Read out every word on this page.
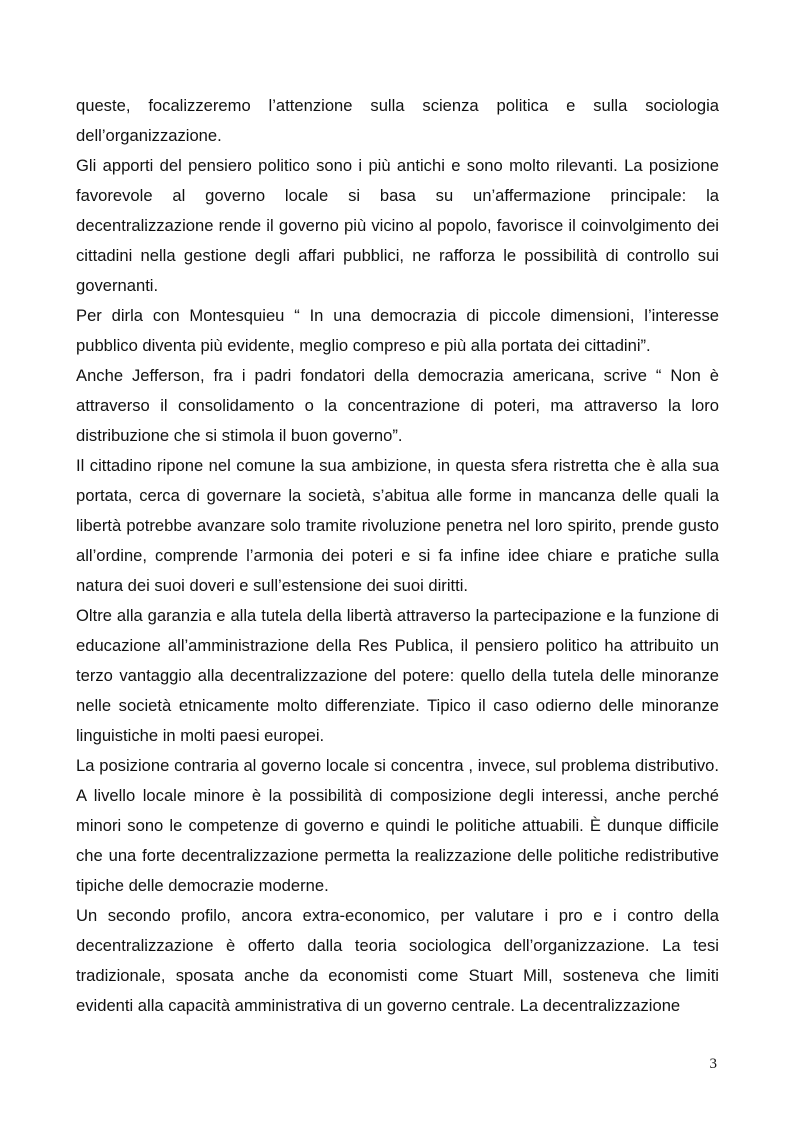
queste, focalizzeremo l’attenzione sulla scienza politica e sulla sociologia dell’organizzazione.

Gli apporti del pensiero politico sono i più antichi e sono molto rilevanti. La posizione favorevole al governo locale si basa su un’affermazione principale: la decentralizzazione rende il governo più vicino al popolo, favorisce il coinvolgimento dei cittadini nella gestione degli affari pubblici, ne rafforza le possibilità di controllo sui governanti.

Per dirla con Montesquieu “ In una democrazia di piccole dimensioni, l’interesse pubblico diventa più evidente, meglio compreso e più alla portata dei cittadini”.

Anche Jefferson, fra i padri fondatori della democrazia americana, scrive “ Non è attraverso il consolidamento o la concentrazione di poteri, ma attraverso la loro distribuzione che si stimola il buon governo”.

Il cittadino ripone nel comune la sua ambizione, in questa sfera ristretta che è alla sua portata, cerca di governare la società, s’abitua alle forme in mancanza delle quali la libertà potrebbe avanzare solo tramite rivoluzione penetra nel loro spirito, prende gusto all’ordine, comprende l’armonia dei poteri e si fa infine idee chiare e pratiche sulla natura dei suoi doveri e sull’estensione dei suoi diritti.

Oltre alla garanzia e alla tutela della libertà attraverso la partecipazione e la funzione di educazione all’amministrazione della Res Publica, il pensiero politico ha attribuito un terzo vantaggio alla decentralizzazione del potere: quello della tutela delle minoranze nelle società etnicamente molto differenziate. Tipico il caso odierno delle minoranze linguistiche in molti paesi europei.

La posizione contraria al governo locale si concentra , invece, sul problema distributivo. A livello locale minore è la possibilità di composizione degli interessi, anche perché minori sono le competenze di governo e quindi le politiche attuabili. È dunque difficile che una forte decentralizzazione permetta la realizzazione delle politiche redistributive tipiche delle democrazie moderne.

Un secondo profilo, ancora extra-economico, per valutare i pro e i contro della decentralizzazione è offerto dalla teoria sociologica dell’organizzazione. La tesi tradizionale, sposata anche da economisti come Stuart Mill, sosteneva che limiti evidenti alla capacità amministrativa di un governo centrale. La decentralizzazione

3
